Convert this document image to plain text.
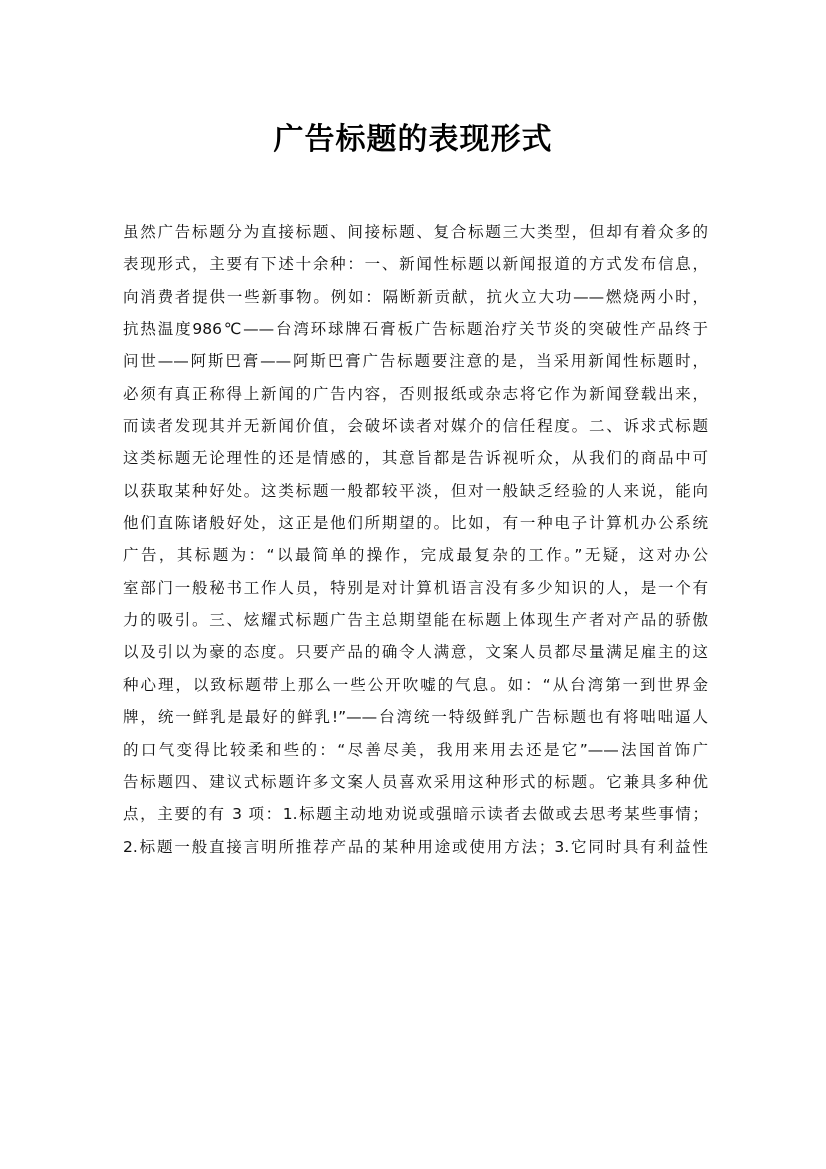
广告标题的表现形式
虽然广告标题分为直接标题、间接标题、复合标题三大类型，但却有着众多的
表现形式，主要有下述十余种：一、新闻性标题以新闻报道的方式发布信息，
向消费者提供一些新事物。例如：隔断新贡献，抗火立大功——燃烧两小时，
抗热温度986℃——台湾环球牌石膏板广告标题治疗关节炎的突破性产品终于
问世——阿斯巴膏——阿斯巴膏广告标题要注意的是，当采用新闻性标题时，
必须有真正称得上新闻的广告内容，否则报纸或杂志将它作为新闻登载出来，
而读者发现其并无新闻价值，会破坏读者对媒介的信任程度。二、诉求式标题
这类标题无论理性的还是情感的，其意旨都是告诉视听众，从我们的商品中可
以获取某种好处。这类标题一般都较平淡，但对一般缺乏经验的人来说，能向
他们直陈诸般好处，这正是他们所期望的。比如，有一种电子计算机办公系统
广告，其标题为：“以最简单的操作，完成最复杂的工作。”无疑，这对办公
室部门一般秘书工作人员，特别是对计算机语言没有多少知识的人，是一个有
力的吸引。三、炫耀式标题广告主总期望能在标题上体现生产者对产品的骄傲
以及引以为豪的态度。只要产品的确令人满意，文案人员都尽量满足雇主的这
种心理，以致标题带上那么一些公开吹嘘的气息。如：“从台湾第一到世界金
牌，统一鲜乳是最好的鲜乳!”——台湾统一特级鲜乳广告标题也有将咄咄逼人
的口气变得比较柔和些的：“尽善尽美，我用来用去还是它”——法国首饰广
告标题四、建议式标题许多文案人员喜欢采用这种形式的标题。它兼具多种优
点，主要的有 3 项：1.标题主动地劝说或强暗示读者去做或去思考某些事情；
2.标题一般直接言明所推荐产品的某种用途或使用方法；3.它同时具有利益性
